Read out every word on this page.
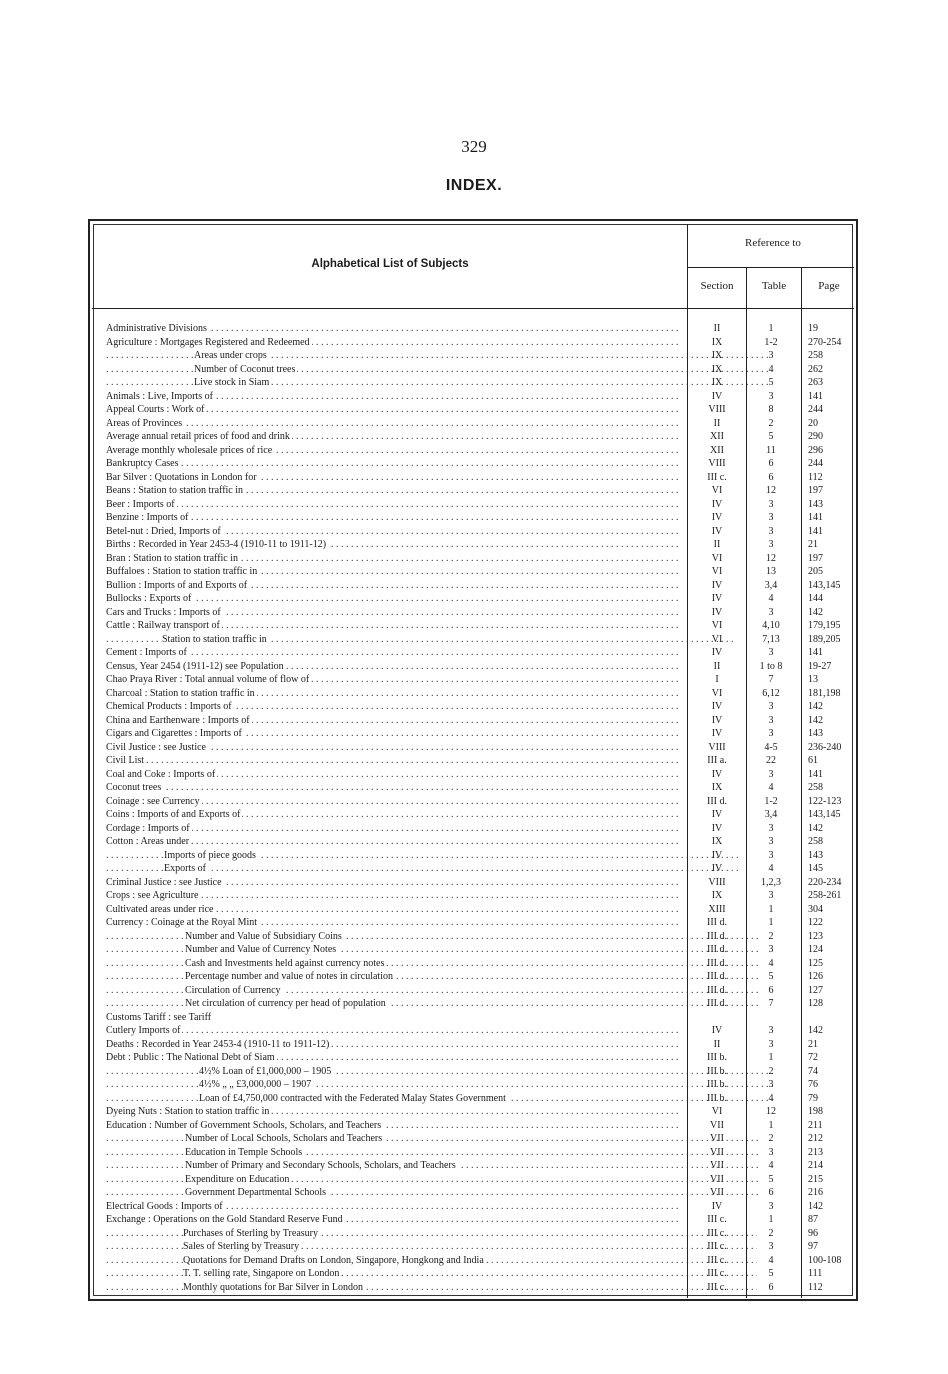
329
INDEX.
Alphabetical List of Subjects
Reference to
Section	Table	Page
Administrative Divisions . . .	II	1	19
Agriculture : Mortgages Registered and Redeemed . . .	IX	1-2	270-254
Areas under crops . . .	IX	3	258
Number of Coconut trees . . .	IX	4	262
Live stock in Siam . . .	IX	5	263
Animals : Live, Imports of . . .	IV	3	141
Appeal Courts : Work of . . .	VIII	8	244
Areas of Provinces . . .	II	2	20
Average annual retail prices of food and drink . . .	XII	5	290
Average monthly wholesale prices of rice . . .	XII	11	296
Bankruptcy Cases . . .	VIII	6	244
Bar Silver : Quotations in London for . . .	III c.	6	112
Beans : Station to station traffic in . . .	VI	12	197
Beer : Imports of . . .	IV	3	143
Benzine : Imports of . . .	IV	3	141
Betel-nut : Dried, Imports of . . .	IV	3	141
Births : Recorded in Year 2453-4 (1910-11 to 1911-12) . . .	II	3	21
Bran : Station to station traffic in . . .	VI	12	197
Buffaloes : Station to station traffic in . . .	VI	13	205
Bullion : Imports of and Exports of . . .	IV	3,4	143,145
Bullocks : Exports of . . .	IV	4	144
Cars and Trucks : Imports of . . .	IV	3	142
Cattle : Railway transport of . . .	VI	4,10	179,195
Station to station traffic in . . .	VI	7,13	189,205
Cement : Imports of . . .	IV	3	141
Census, Year 2454 (1911-12) see Population . . .	II	1 to 8	19-27
Chao Praya River : Total annual volume of flow of . . .	I	7	13
Charcoal : Station to station traffic in . . .	VI	6,12	181,198
Chemical Products : Imports of . . .	IV	3	142
China and Earthenware : Imports of . . .	IV	3	142
Cigars and Cigarettes : Imports of . . .	IV	3	143
Civil Justice : see Justice . . .	VIII	4-5	236-240
Civil List . . .	III a.	22	61
Coal and Coke : Imports of . . .	IV	3	141
Coconut trees . . .	IX	4	258
Coinage : see Currency . . .	III d.	1-2	122-123
Coins : Imports of and Exports of . . .	IV	3,4	143,145
Cordage : Imports of . . .	IV	3	142
Cotton : Areas under . . .	IX	3	258
Imports of piece goods . . .	IV	3	143
Exports of . . .	IV	4	145
Criminal Justice : see Justice . . .	VIII	1,2,3	220-234
Crops : see Agriculture . . .	IX	3	258-261
Cultivated areas under rice . . .	XIII	1	304
Currency : Coinage at the Royal Mint . . .	III d.	1	122
Number and Value of Subsidiary Coins . . .	III d.	2	123
Number and Value of Currency Notes . . .	III d.	3	124
Cash and Investments held against currency notes . . .	III d.	4	125
Percentage number and value of notes in circulation . . .	III d.	5	126
Circulation of Currency . . .	III d.	6	127
Net circulation of currency per head of population . . .	III d.	7	128
Customs Tariff : see Tariff
Cutlery Imports of . . .	IV	3	142
Deaths : Recorded in Year 2453-4 (1910-11 to 1911-12) . . .	II	3	21
Debt : Public : The National Debt of Siam . . .	III b.	1	72
4½% Loan of £1,000,000 – 1905 . . .	III b.	2	74
4½% „ „ £3,000,000 – 1907 . . .	III b.	3	76
Loan of £4,750,000 contracted with the Federated Malay States Government . . .	III b.	4	79
Dyeing Nuts : Station to station traffic in . . .	VI	12	198
Education : Number of Government Schools, Scholars, and Teachers . . .	VII	1	211
Number of Local Schools, Scholars and Teachers . . .	VII	2	212
Education in Temple Schools . . .	VII	3	213
Number of Primary and Secondary Schools, Scholars, and Teachers . . .	VII	4	214
Expenditure on Education . . .	VII	5	215
Government Departmental Schools . . .	VII	6	216
Electrical Goods : Imports of . . .	IV	3	142
Exchange : Operations on the Gold Standard Reserve Fund . . .	III c.	1	87
Purchases of Sterling by Treasury . . .	III c.	2	96
Sales of Sterling by Treasury . . .	III c.	3	97
Quotations for Demand Drafts on London, Singapore, Hongkong and India . . .	III c.	4	100-108
T. T. selling rate, Singapore on London . . .	III c.	5	111
Monthly quotations for Bar Silver in London . . .	III c.	6	112
